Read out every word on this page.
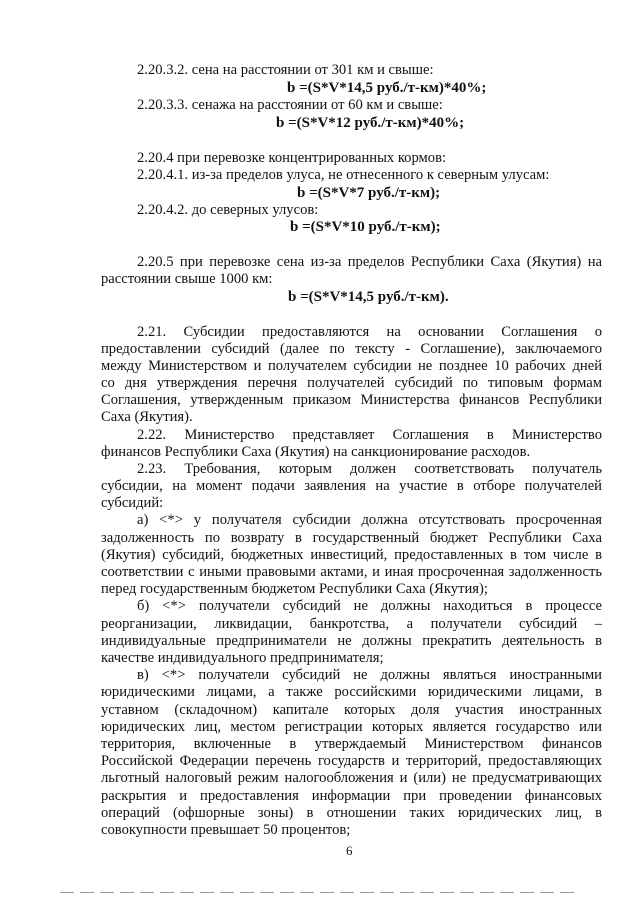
2.20.3.2. сена на расстоянии от 301 км и свыше:
b =(S*V*14,5 руб./т-км)*40%;
2.20.3.3. сенажа на расстоянии от 60 км и свыше:
b =(S*V*12 руб./т-км)*40%;
2.20.4 при перевозке концентрированных кормов:
2.20.4.1. из-за пределов улуса, не отнесенного к северным улусам:
b =(S*V*7 руб./т-км);
2.20.4.2. до северных улусов:
b =(S*V*10 руб./т-км);
2.20.5 при перевозке сена из-за пределов Республики Саха (Якутия) на
расстоянии свыше 1000 км:
b =(S*V*14,5 руб./т-км).
2.21. Субсидии предоставляются на основании Соглашения о
предоставлении субсидий (далее по тексту - Соглашение), заключаемого
между Министерством и получателем субсидии не позднее 10 рабочих дней
со дня утверждения перечня получателей субсидий по типовым формам
Соглашения, утвержденным приказом Министерства финансов Республики
Саха (Якутия).
2.22. Министерство представляет Соглашения в Министерство
финансов Республики Саха (Якутия) на санкционирование расходов.
2.23. Требования, которым должен соответствовать получатель
субсидии, на момент подачи заявления на участие в отборе получателей
субсидий:
а) <*> у получателя субсидии должна отсутствовать просроченная
задолженность по возврату в государственный бюджет Республики Саха
(Якутия) субсидий, бюджетных инвестиций, предоставленных в том числе в
соответствии с иными правовыми актами, и иная просроченная задолженность
перед государственным бюджетом Республики Саха (Якутия);
б) <*> получатели субсидий не должны находиться в процессе
реорганизации, ликвидации, банкротства, а получатели субсидий –
индивидуальные предприниматели не должны прекратить деятельность в
качестве индивидуального предпринимателя;
в) <*> получатели субсидий не должны являться иностранными
юридическими лицами, а также российскими юридическими лицами, в
уставном (складочном) капитале которых доля участия иностранных
юридических лиц, местом регистрации которых является государство или
территория, включенные в утверждаемый Министерством финансов
Российской Федерации перечень государств и территорий, предоставляющих
льготный налоговый режим налогообложения и (или) не предусматривающих
раскрытия и предоставления информации при проведении финансовых
операций (офшорные зоны) в отношении таких юридических лиц, в
совокупности превышает 50 процентов;
6
